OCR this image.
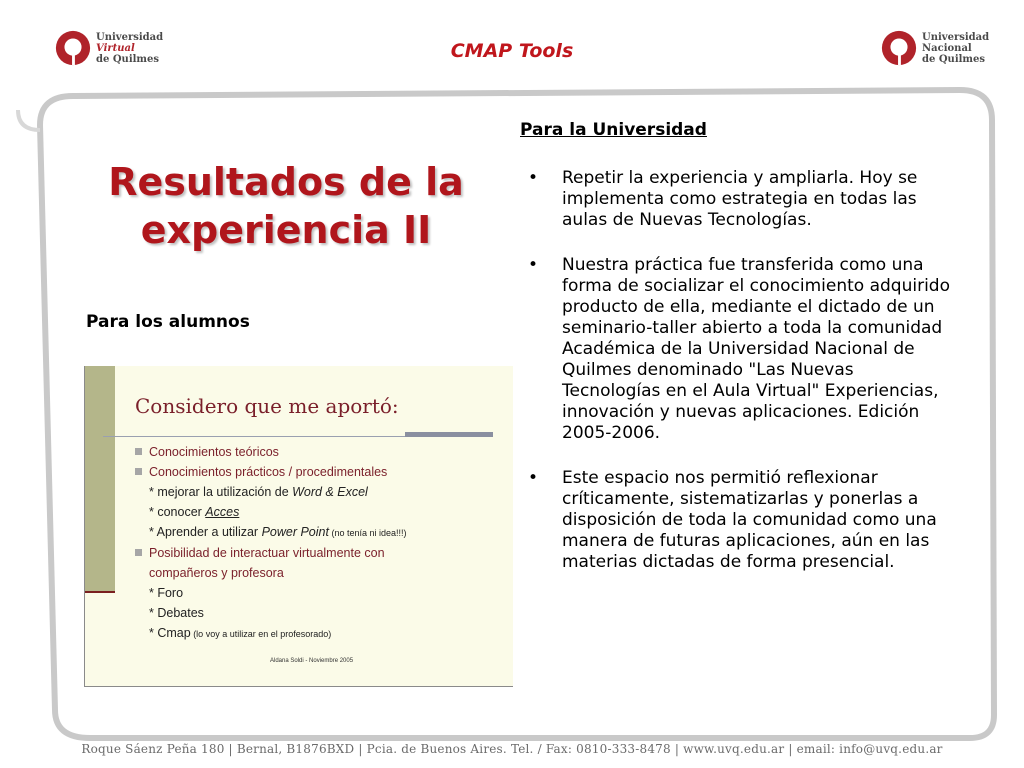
Universidad
Virtual
de Quilmes	CMAP Tools
Universidad
Nacional
de Quilmes
Resultados de la
experiencia II
Para los alumnos
Considero que me aportó:
Conocimientos teóricos
Conocimientos prácticos / procedimentales
* mejorar la utilización de Word & Excel
* conocer Acces
* Aprender a utilizar Power Point (no tenía ni idea!!!)
Posibilidad de interactuar virtualmente con
compañeros y profesora
* Foro
* Debates
* Cmap (lo voy a utilizar en el profesorado)
Aldana Soldi - Noviembre 2005
Para la Universidad
• Repetir la experiencia y ampliarla. Hoy se implementa como estrategia en todas las aulas de Nuevas Tecnologías.
• Nuestra práctica fue transferida como una forma de socializar el conocimiento adquirido producto de ella, mediante el dictado de un seminario-taller abierto a toda la comunidad Académica de la Universidad Nacional de Quilmes denominado "Las Nuevas Tecnologías en el Aula Virtual" Experiencias, innovación y nuevas aplicaciones. Edición 2005-2006.
• Este espacio nos permitió reflexionar críticamente, sistematizarlas y ponerlas a disposición de toda la comunidad como una manera de futuras aplicaciones, aún en las materias dictadas de forma presencial.
Roque Sáenz Peña 180 | Bernal, B1876BXD | Pcia. de Buenos Aires. Tel. / Fax: 0810-333-8478 | www.uvq.edu.ar | email: info@uvq.edu.ar
